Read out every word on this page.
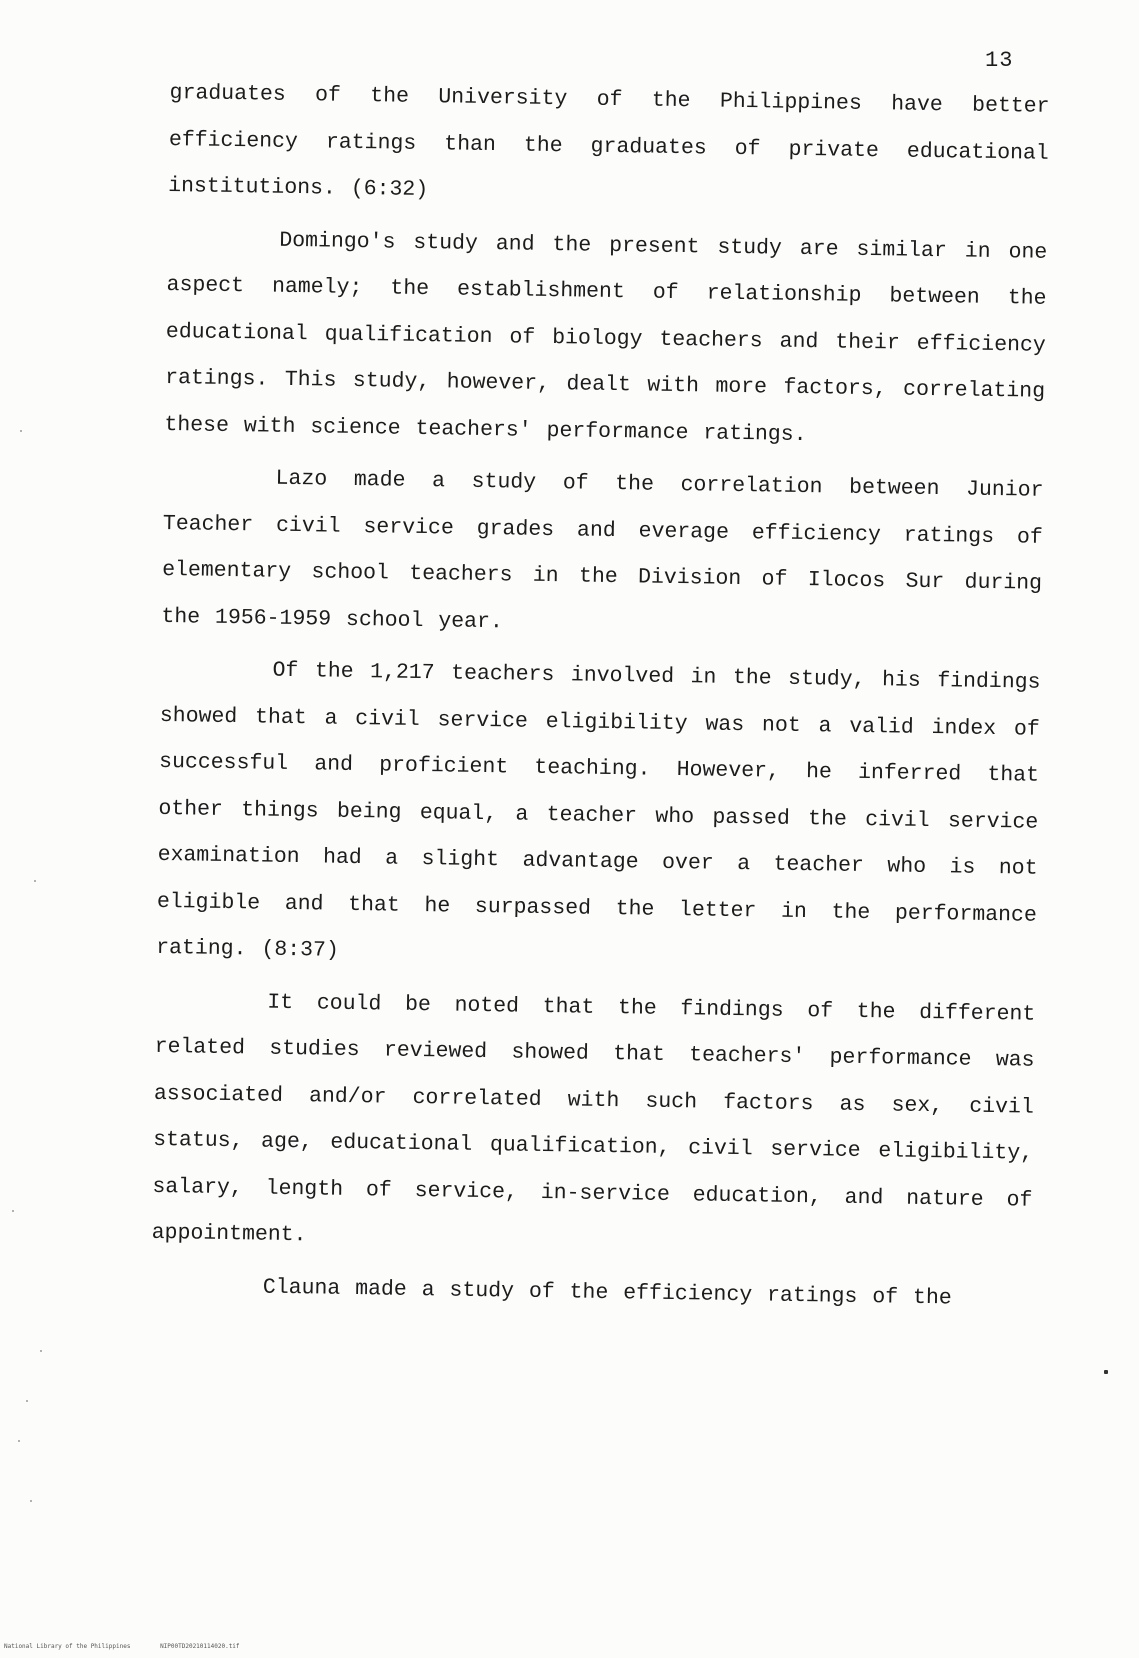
13

graduates of the University of the Philippines have better efficiency ratings than the graduates of private educational institutions. (6:32)

Domingo's study and the present study are similar in one aspect namely; the establishment of relationship between the educational qualification of biology teachers and their efficiency ratings. This study, however, dealt with more factors, correlating these with science teachers' performance ratings.

Lazo made a study of the correlation between Junior Teacher civil service grades and everage efficiency ratings of elementary school teachers in the Division of Ilocos Sur during the 1956-1959 school year.

Of the 1,217 teachers involved in the study, his findings showed that a civil service eligibility was not a valid index of successful and proficient teaching. However, he inferred that other things being equal, a teacher who passed the civil service examination had a slight advantage over a teacher who is not eligible and that he surpassed the letter in the performance rating. (8:37)

It could be noted that the findings of the different related studies reviewed showed that teachers' performance was associated and/or correlated with such factors as sex, civil status, age, educational qualification, civil service eligibility, salary, length of service, in-service education, and nature of appointment.

Clauna made a study of the efficiency ratings of the

National Library of the Philippines	NIP00TD20210114020.tif
